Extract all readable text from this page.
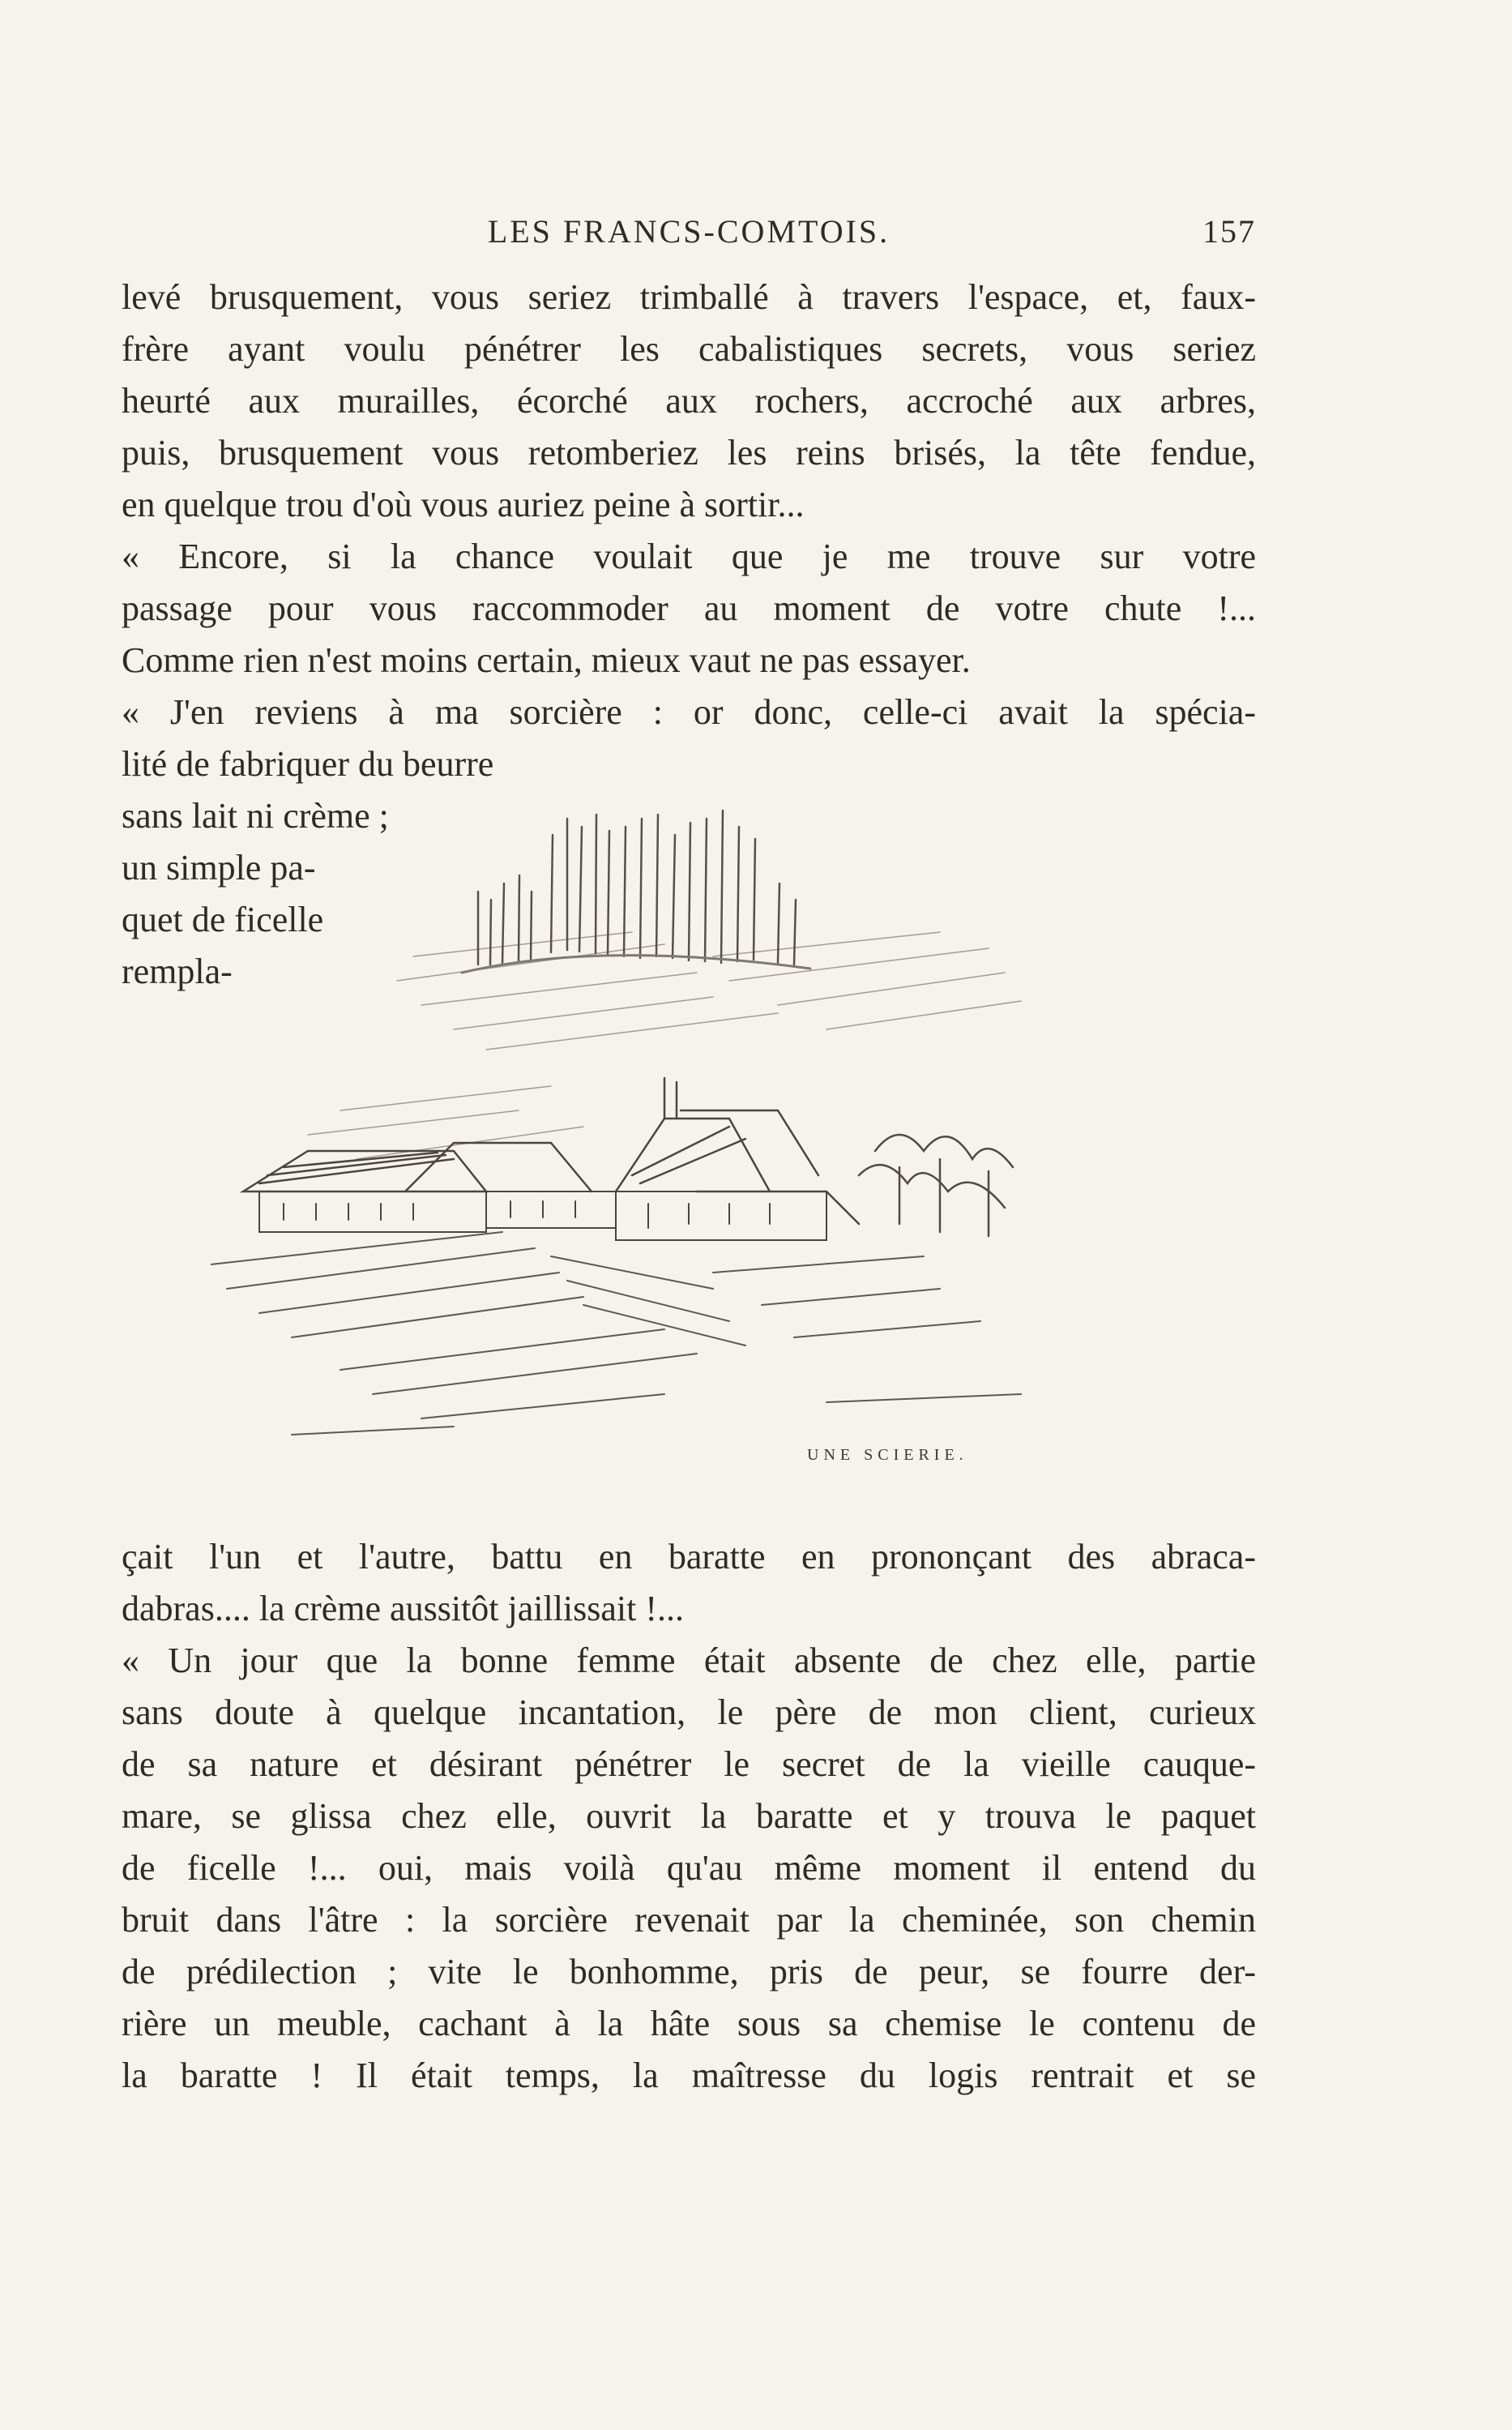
LES FRANCS-COMTOIS.	157
levé brusquement, vous seriez trimballé à travers l'espace, et, faux-
frère ayant voulu pénétrer les cabalistiques secrets, vous seriez
heurté aux murailles, écorché aux rochers, accroché aux arbres,
puis, brusquement vous retomberiez les reins brisés, la tête fendue,
en quelque trou d'où vous auriez peine à sortir...
« Encore, si la chance voulait que je me trouve sur votre
passage pour vous raccommoder au moment de votre chute !...
Comme rien n'est moins certain, mieux vaut ne pas essayer.
« J'en reviens à ma sorcière : or donc, celle-ci avait la spécia-
lité de fabriquer du beurre
sans lait ni crème ;
un simple pa-
quet de ficelle
rempla-
UNE SCIERIE.
çait l'un et l'autre, battu en baratte en prononçant des abraca-
dabras.... la crème aussitôt jaillissait !...
« Un jour que la bonne femme était absente de chez elle, partie
sans doute à quelque incantation, le père de mon client, curieux
de sa nature et désirant pénétrer le secret de la vieille cauque-
mare, se glissa chez elle, ouvrit la baratte et y trouva le paquet
de ficelle !... oui, mais voilà qu'au même moment il entend du
bruit dans l'âtre : la sorcière revenait par la cheminée, son chemin
de prédilection ; vite le bonhomme, pris de peur, se fourre der-
rière un meuble, cachant à la hâte sous sa chemise le contenu de
la baratte ! Il était temps, la maîtresse du logis rentrait et se
